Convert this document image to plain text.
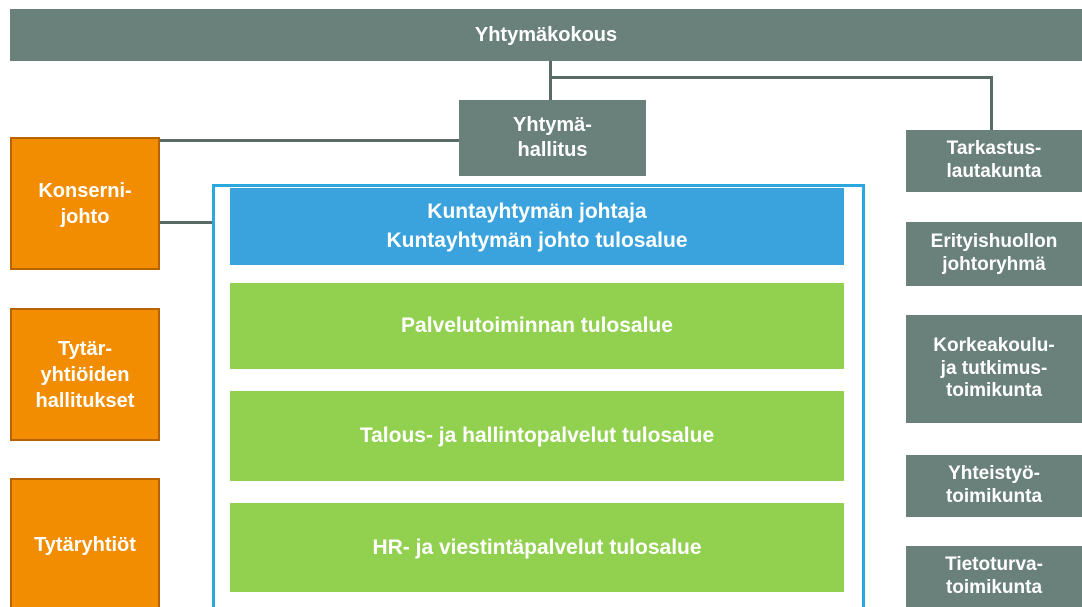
Yhtymäkokous
Yhtymä-
hallitus	Tarkastus-
lautakunta
Erityishuollon
johtoryhmä
Korkeakoulu-
ja tutkimus-
toimikunta
Yhteistyö-
toimikunta
Tietoturva-
toimikunta
Konserni-
johto
Tytär-
yhtiöiden
hallitukset
Tytäryhtiöt
Kuntayhtymän johtaja
Kuntayhtymän johto tulosalue
Palvelutoiminnan tulosalue
Talous- ja hallintopalvelut tulosalue
HR- ja viestintäpalvelut tulosalue
